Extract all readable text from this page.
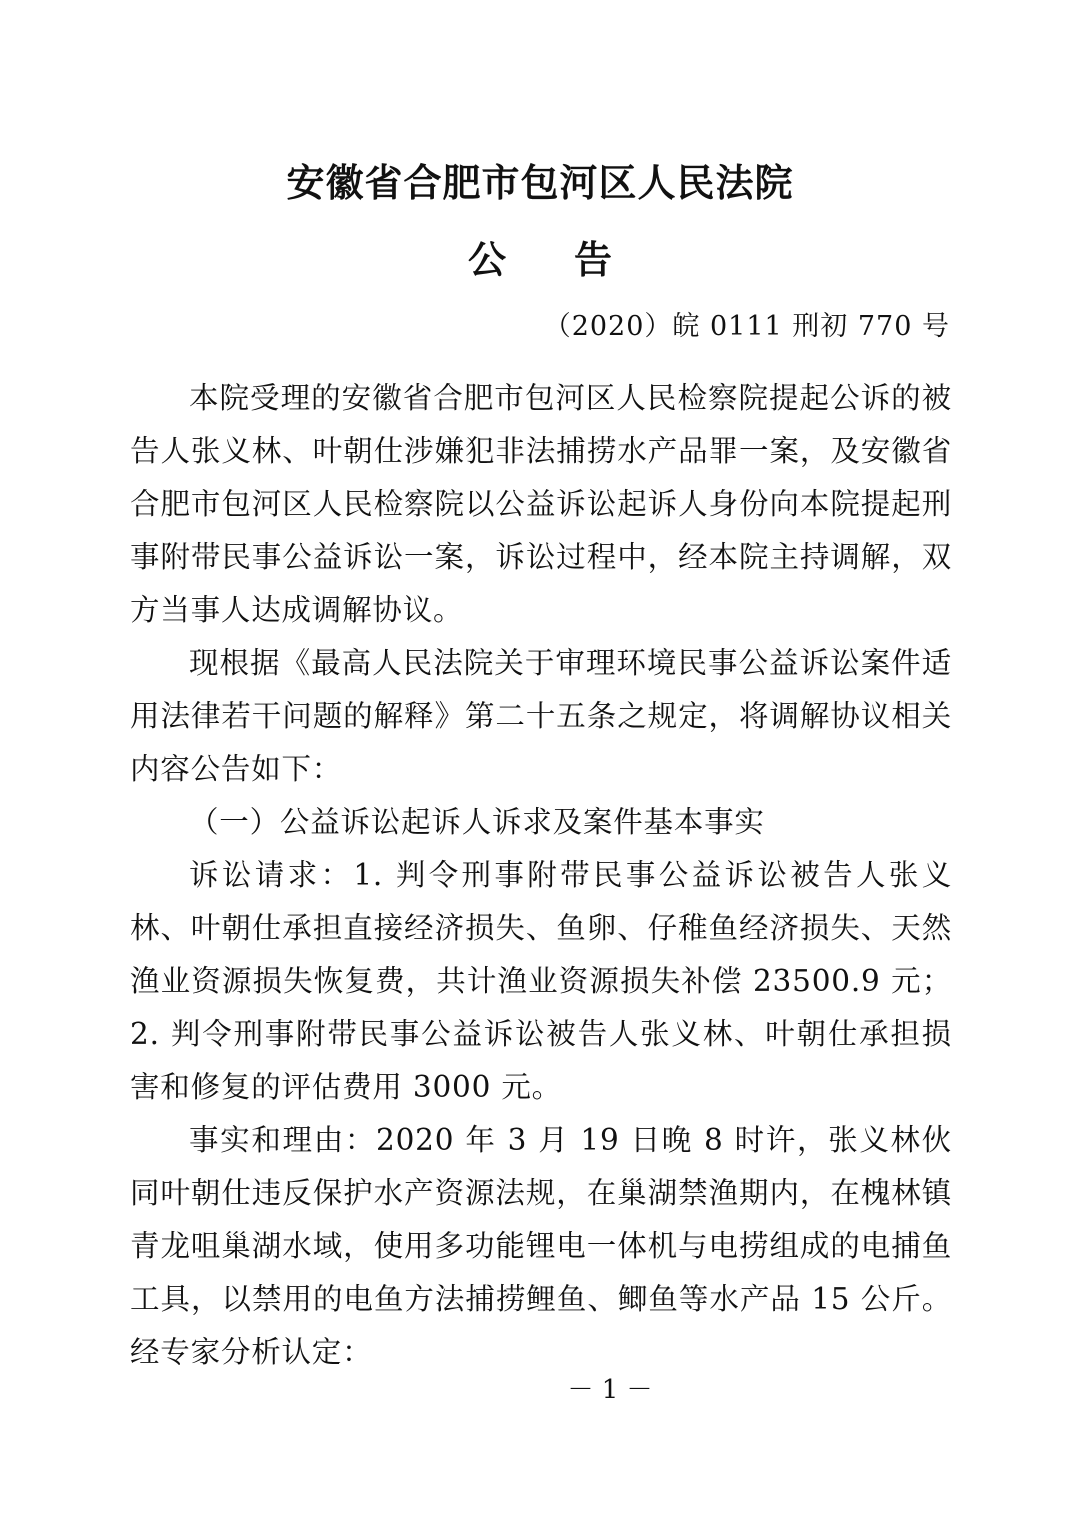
安徽省合肥市包河区人民法院
公 告
（2020）皖 0111 刑初 770 号

本院受理的安徽省合肥市包河区人民检察院提起公诉的被告人张义林、叶朝仕涉嫌犯非法捕捞水产品罪一案，及安徽省合肥市包河区人民检察院以公益诉讼起诉人身份向本院提起刑事附带民事公益诉讼一案，诉讼过程中，经本院主持调解，双方当事人达成调解协议。

现根据《最高人民法院关于审理环境民事公益诉讼案件适用法律若干问题的解释》第二十五条之规定，将调解协议相关内容公告如下：

（一）公益诉讼起诉人诉求及案件基本事实

诉讼请求：1. 判令刑事附带民事公益诉讼被告人张义林、叶朝仕承担直接经济损失、鱼卵、仔稚鱼经济损失、天然渔业资源损失恢复费，共计渔业资源损失补偿 23500.9 元；2. 判令刑事附带民事公益诉讼被告人张义林、叶朝仕承担损害和修复的评估费用 3000 元。

事实和理由：2020 年 3 月 19 日晚 8 时许，张义林伙同叶朝仕违反保护水产资源法规，在巢湖禁渔期内，在槐林镇青龙咀巢湖水域，使用多功能锂电一体机与电捞组成的电捕鱼工具，以禁用的电鱼方法捕捞鲤鱼、鲫鱼等水产品 15 公斤。经专家分析认定：

－ 1 －
